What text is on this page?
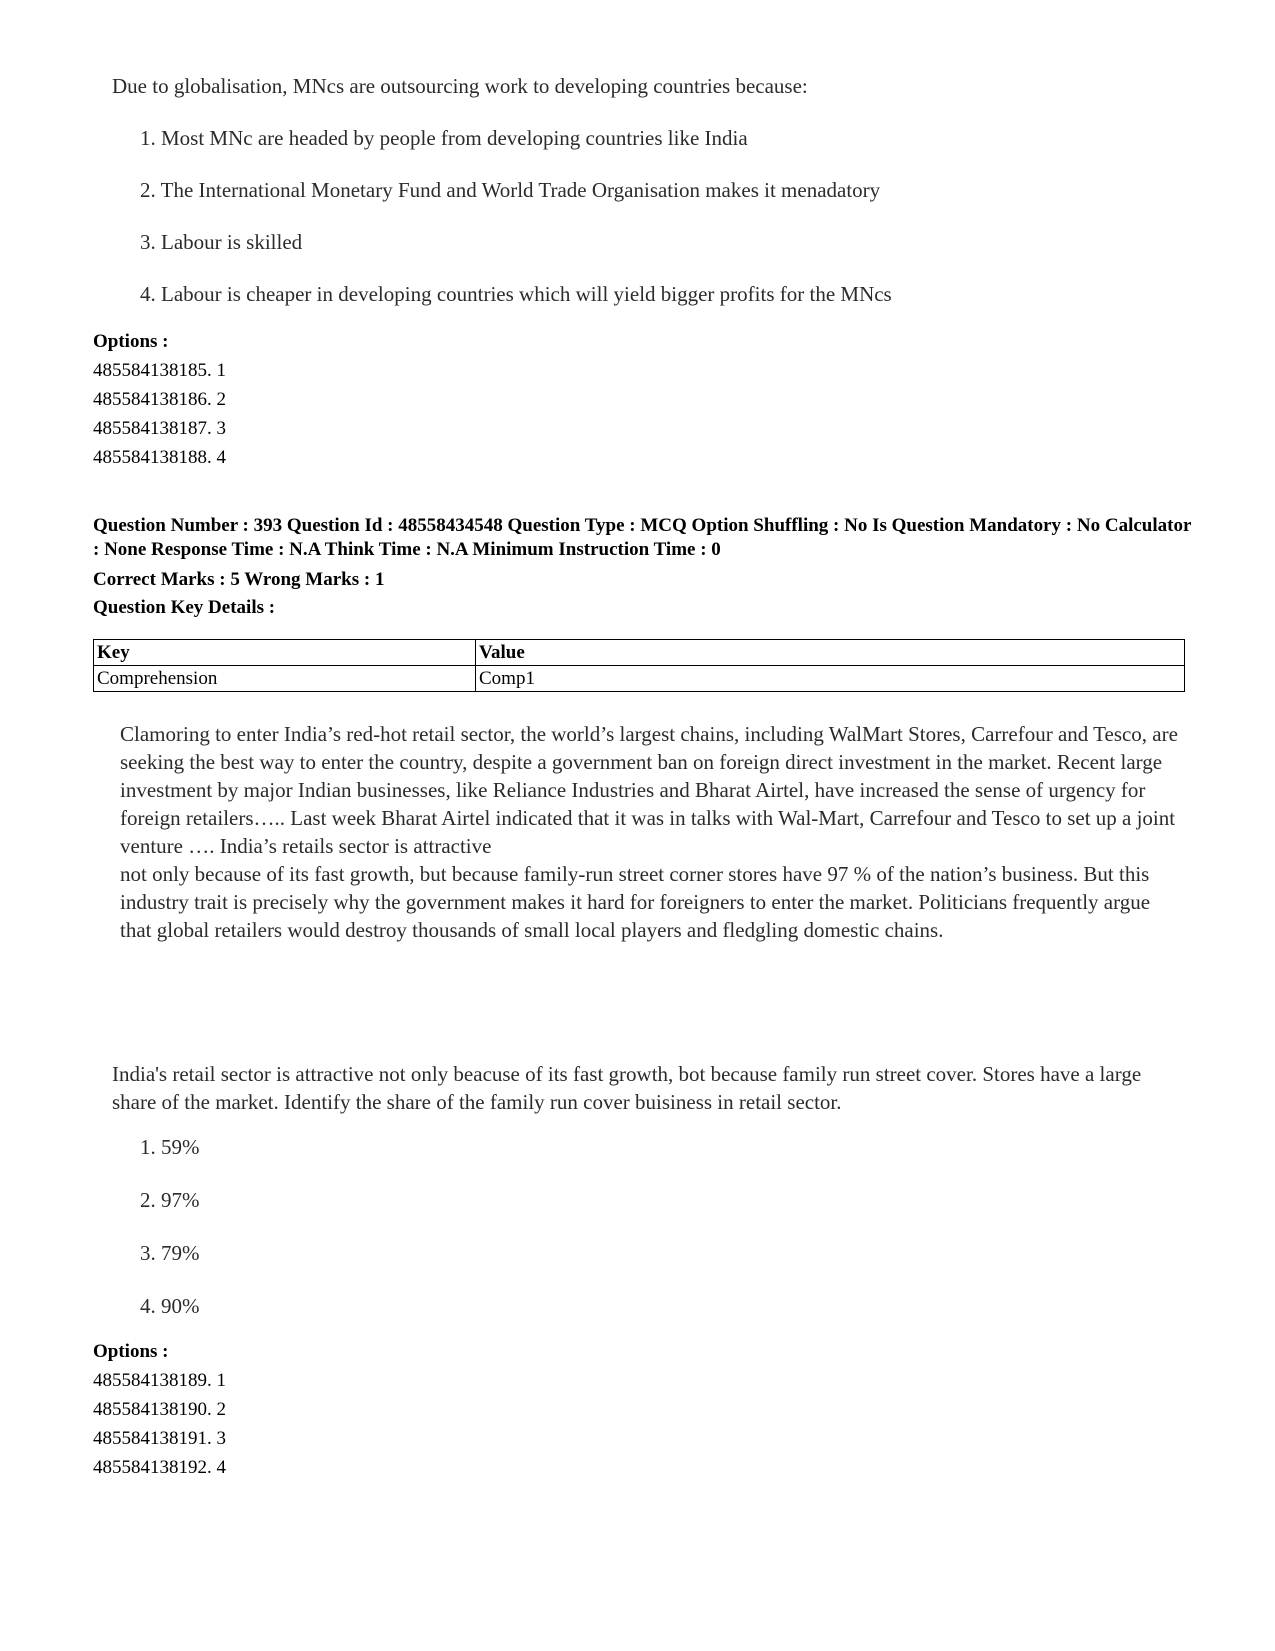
Due to globalisation, MNcs are outsourcing work to developing countries because:
1. Most MNc are headed by people from developing countries like India
2. The International Monetary Fund and World Trade Organisation makes it menadatory
3. Labour is skilled
4. Labour is cheaper in developing countries which will yield bigger profits for the MNcs
Options :
485584138185. 1
485584138186. 2
485584138187. 3
485584138188. 4
Question Number : 393 Question Id : 48558434548 Question Type : MCQ Option Shuffling : No Is Question Mandatory : No Calculator : None Response Time : N.A Think Time : N.A Minimum Instruction Time : 0
Correct Marks : 5 Wrong Marks : 1
Question Key Details :
Key	Value
Comprehension	Comp1
Clamoring to enter India’s red-hot retail sector, the world’s largest chains, including WalMart Stores, Carrefour and Tesco, are seeking the best way to enter the country, despite a government ban on foreign direct investment in the market. Recent large investment by major Indian businesses, like Reliance Industries and Bharat Airtel, have increased the sense of urgency for foreign retailers….. Last week Bharat Airtel indicated that it was in talks with Wal-Mart, Carrefour and Tesco to set up a joint venture …. India’s retails sector is attractive
not only because of its fast growth, but because family-run street corner stores have 97 % of the nation’s business. But this industry trait is precisely why the government makes it hard for foreigners to enter the market. Politicians frequently argue that global retailers would destroy thousands of small local players and fledgling domestic chains.
India's retail sector is attractive not only beacuse of its fast growth, bot because family run street cover. Stores have a large share of the market. Identify the share of the family run cover buisiness in retail sector.
1. 59%
2. 97%
3. 79%
4. 90%
Options :
485584138189. 1
485584138190. 2
485584138191. 3
485584138192. 4
